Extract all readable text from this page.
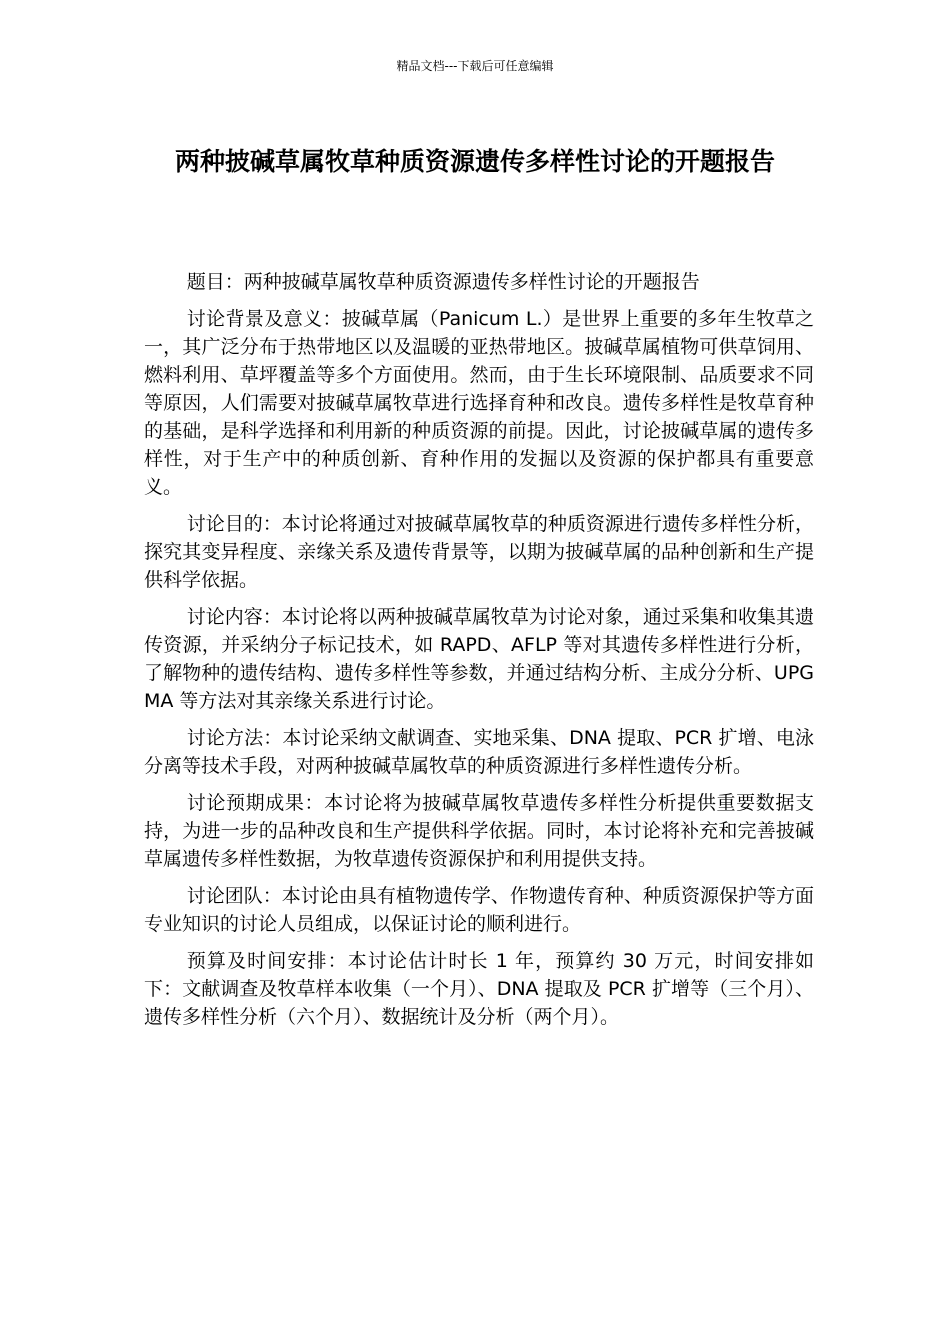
精品文档---下载后可任意编辑
两种披碱草属牧草种质资源遗传多样性讨论的开题报告

题目：两种披碱草属牧草种质资源遗传多样性讨论的开题报告

讨论背景及意义：披碱草属（Panicum L.）是世界上重要的多年生牧草之一，其广泛分布于热带地区以及温暖的亚热带地区。披碱草属植物可供草饲用、燃料利用、草坪覆盖等多个方面使用。然而，由于生长环境限制、品质要求不同等原因，人们需要对披碱草属牧草进行选择育种和改良。遗传多样性是牧草育种的基础，是科学选择和利用新的种质资源的前提。因此，讨论披碱草属的遗传多样性，对于生产中的种质创新、育种作用的发掘以及资源的保护都具有重要意义。

讨论目的：本讨论将通过对披碱草属牧草的种质资源进行遗传多样性分析，探究其变异程度、亲缘关系及遗传背景等，以期为披碱草属的品种创新和生产提供科学依据。

讨论内容：本讨论将以两种披碱草属牧草为讨论对象，通过采集和收集其遗传资源，并采纳分子标记技术，如 RAPD、AFLP 等对其遗传多样性进行分析，了解物种的遗传结构、遗传多样性等参数，并通过结构分析、主成分分析、UPGMA 等方法对其亲缘关系进行讨论。

讨论方法：本讨论采纳文献调查、实地采集、DNA 提取、PCR 扩增、电泳分离等技术手段，对两种披碱草属牧草的种质资源进行多样性遗传分析。

讨论预期成果：本讨论将为披碱草属牧草遗传多样性分析提供重要数据支持，为进一步的品种改良和生产提供科学依据。同时，本讨论将补充和完善披碱草属遗传多样性数据，为牧草遗传资源保护和利用提供支持。

讨论团队：本讨论由具有植物遗传学、作物遗传育种、种质资源保护等方面专业知识的讨论人员组成，以保证讨论的顺利进行。

预算及时间安排：本讨论估计时长 1 年，预算约 30 万元，时间安排如下：文献调查及牧草样本收集（一个月）、DNA 提取及 PCR 扩增等（三个月）、遗传多样性分析（六个月）、数据统计及分析（两个月）。
